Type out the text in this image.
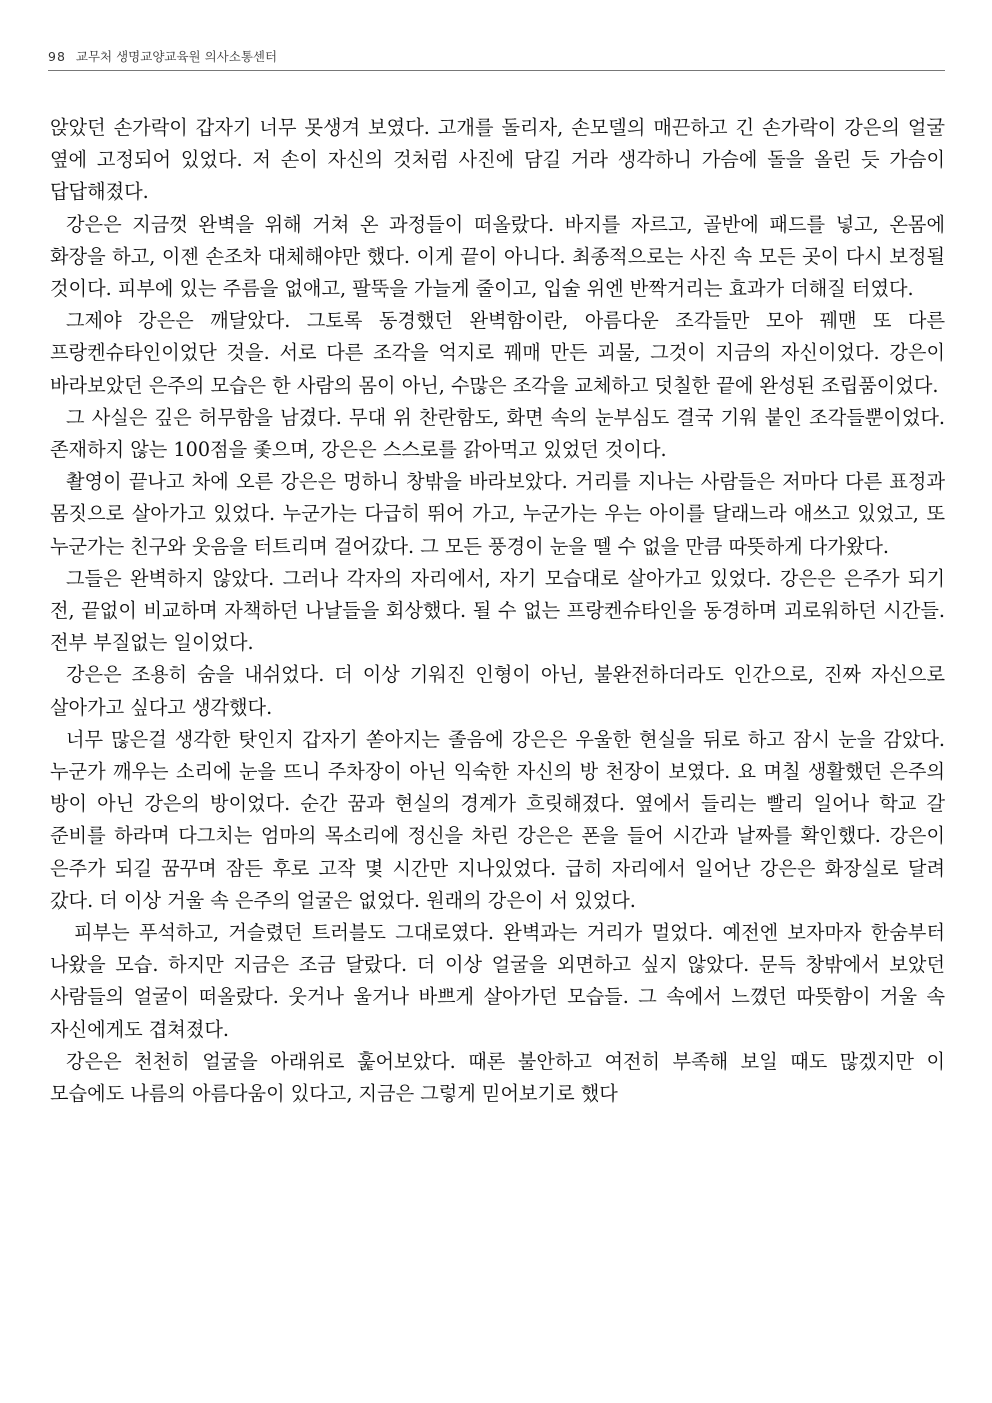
98 교무처 생명교양교육원 의사소통센터

앉았던 손가락이 갑자기 너무 못생겨 보였다. 고개를 돌리자, 손모델의 매끈하고 긴 손가락이 강은의 얼굴 옆에 고정되어 있었다. 저 손이 자신의 것처럼 사진에 담길 거라 생각하니 가슴에 돌을 올린 듯 가슴이 답답해졌다.

강은은 지금껏 완벽을 위해 거쳐 온 과정들이 떠올랐다. 바지를 자르고, 골반에 패드를 넣고, 온몸에 화장을 하고, 이젠 손조차 대체해야만 했다. 이게 끝이 아니다. 최종적으로는 사진 속 모든 곳이 다시 보정될 것이다. 피부에 있는 주름을 없애고, 팔뚝을 가늘게 줄이고, 입술 위엔 반짝거리는 효과가 더해질 터였다.

그제야 강은은 깨달았다. 그토록 동경했던 완벽함이란, 아름다운 조각들만 모아 꿰맨 또 다른 프랑켄슈타인이었단 것을. 서로 다른 조각을 억지로 꿰매 만든 괴물, 그것이 지금의 자신이었다. 강은이 바라보았던 은주의 모습은 한 사람의 몸이 아닌, 수많은 조각을 교체하고 덧칠한 끝에 완성된 조립품이었다.

그 사실은 깊은 허무함을 남겼다. 무대 위 찬란함도, 화면 속의 눈부심도 결국 기워 붙인 조각들뿐이었다. 존재하지 않는 100점을 좇으며, 강은은 스스로를 갉아먹고 있었던 것이다.

촬영이 끝나고 차에 오른 강은은 멍하니 창밖을 바라보았다. 거리를 지나는 사람들은 저마다 다른 표정과 몸짓으로 살아가고 있었다. 누군가는 다급히 뛰어 가고, 누군가는 우는 아이를 달래느라 애쓰고 있었고, 또 누군가는 친구와 웃음을 터트리며 걸어갔다. 그 모든 풍경이 눈을 뗄 수 없을 만큼 따뜻하게 다가왔다.

그들은 완벽하지 않았다. 그러나 각자의 자리에서, 자기 모습대로 살아가고 있었다. 강은은 은주가 되기 전, 끝없이 비교하며 자책하던 나날들을 회상했다. 될 수 없는 프랑켄슈타인을 동경하며 괴로워하던 시간들. 전부 부질없는 일이었다.

강은은 조용히 숨을 내쉬었다. 더 이상 기워진 인형이 아닌, 불완전하더라도 인간으로, 진짜 자신으로 살아가고 싶다고 생각했다.

너무 많은걸 생각한 탓인지 갑자기 쏟아지는 졸음에 강은은 우울한 현실을 뒤로 하고 잠시 눈을 감았다. 누군가 깨우는 소리에 눈을 뜨니 주차장이 아닌 익숙한 자신의 방 천장이 보였다. 요 며칠 생활했던 은주의 방이 아닌 강은의 방이었다. 순간 꿈과 현실의 경계가 흐릿해졌다. 옆에서 들리는 빨리 일어나 학교 갈 준비를 하라며 다그치는 엄마의 목소리에 정신을 차린 강은은 폰을 들어 시간과 날짜를 확인했다. 강은이 은주가 되길 꿈꾸며 잠든 후로 고작 몇 시간만 지나있었다. 급히 자리에서 일어난 강은은 화장실로 달려 갔다. 더 이상 거울 속 은주의 얼굴은 없었다. 원래의 강은이 서 있었다.

피부는 푸석하고, 거슬렸던 트러블도 그대로였다. 완벽과는 거리가 멀었다. 예전엔 보자마자 한숨부터 나왔을 모습. 하지만 지금은 조금 달랐다. 더 이상 얼굴을 외면하고 싶지 않았다. 문득 창밖에서 보았던 사람들의 얼굴이 떠올랐다. 웃거나 울거나 바쁘게 살아가던 모습들. 그 속에서 느꼈던 따뜻함이 거울 속 자신에게도 겹쳐졌다.

강은은 천천히 얼굴을 아래위로 훑어보았다. 때론 불안하고 여전히 부족해 보일 때도 많겠지만 이 모습에도 나름의 아름다움이 있다고, 지금은 그렇게 믿어보기로 했다
